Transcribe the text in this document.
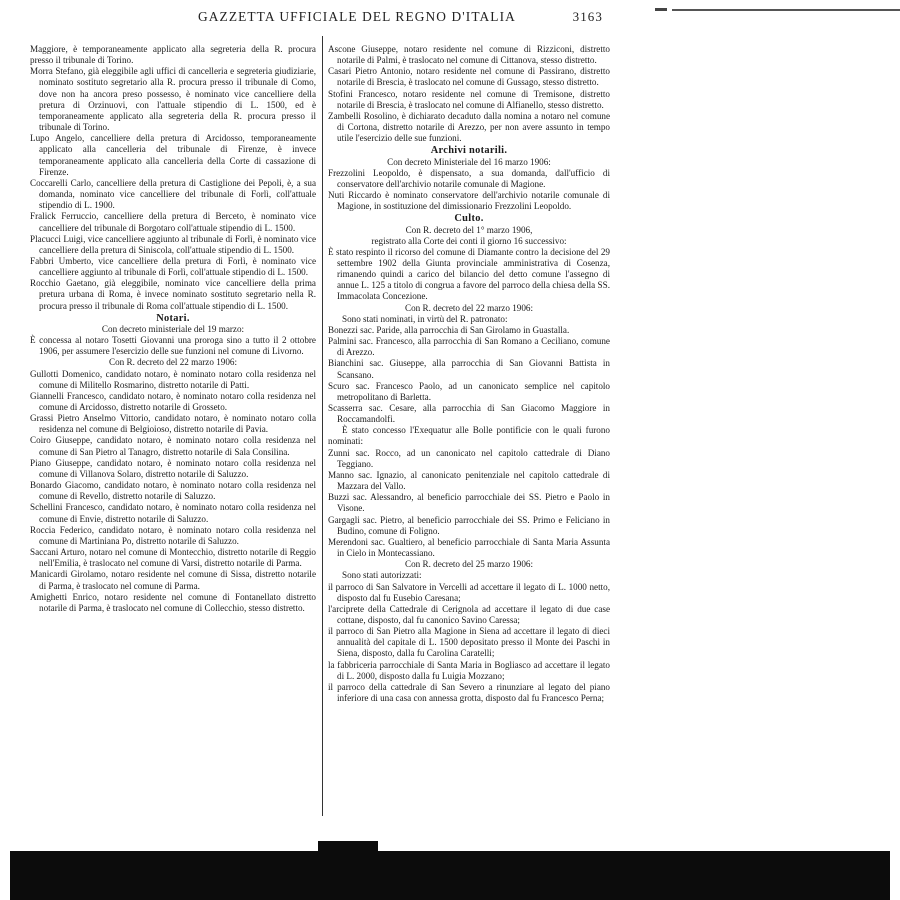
GAZZETTA UFFICIALE DEL REGNO D'ITALIA	3163

Maggiore, è temporaneamente applicato alla segreteria della R. procura presso il tribunale di Torino.

Morra Stefano, già eleggibile agli uffici di cancelleria e segreteria giudiziarie, nominato sostituto segretario alla R. procura presso il tribunale di Como, dove non ha ancora preso possesso, è nominato vice cancelliere della pretura di Orzinuovi, con l'attuale stipendio di L. 1500, ed è temporaneamente applicato alla segreteria della R. procura presso il tribunale di Torino.

Lupo Angelo, cancelliere della pretura di Arcidosso, temporaneamente applicato alla cancelleria del tribunale di Firenze, è invece temporaneamente applicato alla cancelleria della Corte di cassazione di Firenze.

Coccarelli Carlo, cancelliere della pretura di Castiglione dei Pepoli, è, a sua domanda, nominato vice cancelliere del tribunale di Forlì, coll'attuale stipendio di L. 1900.

Fralick Ferruccio, cancelliere della pretura di Berceto, è nominato vice cancelliere del tribunale di Borgotaro coll'attuale stipendio di L. 1500.

Placucci Luigi, vice cancelliere aggiunto al tribunale di Forlì, è nominato vice cancelliere della pretura di Siniscola, coll'attuale stipendio di L. 1500.

Fabbri Umberto, vice cancelliere della pretura di Forlì, è nominato vice cancelliere aggiunto al tribunale di Forlì, coll'attuale stipendio di L. 1500.

Rocchio Gaetano, già eleggibile, nominato vice cancelliere della prima pretura urbana di Roma, è invece nominato sostituto segretario nella R. procura presso il tribunale di Roma coll'attuale stipendio di L. 1500.

Notari.

Con decreto ministeriale del 19 marzo:

È concessa al notaro Tosetti Giovanni una proroga sino a tutto il 2 ottobre 1906, per assumere l'esercizio delle sue funzioni nel comune di Livorno.

Con R. decreto del 22 marzo 1906:

Gullotti Domenico, candidato notaro, è nominato notaro colla residenza nel comune di Militello Rosmarino, distretto notarile di Patti.

Giannelli Francesco, candidato notaro, è nominato notaro colla residenza nel comune di Arcidosso, distretto notarile di Grosseto.

Grassi Pietro Anselmo Vittorio, candidato notaro, è nominato notaro colla residenza nel comune di Belgioioso, distretto notarile di Pavia.

Coiro Giuseppe, candidato notaro, è nominato notaro colla residenza nel comune di San Pietro al Tanagro, distretto notarile di Sala Consilina.

Piano Giuseppe, candidato notaro, è nominato notaro colla residenza nel comune di Villanova Solaro, distretto notarile di Saluzzo.

Bonardo Giacomo, candidato notaro, è nominato notaro colla residenza nel comune di Revello, distretto notarile di Saluzzo.

Schellini Francesco, candidato notaro, è nominato notaro colla residenza nel comune di Envie, distretto notarile di Saluzzo.

Roccia Federico, candidato notaro, è nominato notaro colla residenza nel comune di Martiniana Po, distretto notarile di Saluzzo.

Saccani Arturo, notaro nel comune di Montecchio, distretto notarile di Reggio nell'Emilia, è traslocato nel comune di Varsi, distretto notarile di Parma.

Manicardi Girolamo, notaro residente nel comune di Sissa, distretto notarile di Parma, è traslocato nel comune di Parma.

Amighetti Enrico, notaro residente nel comune di Fontanellato distretto notarile di Parma, è traslocato nel comune di Collecchio, stesso distretto.

Ascone Giuseppe, notaro residente nel comune di Rizziconi, distretto notarile di Palmi, è traslocato nel comune di Cittanova, stesso distretto.

Casari Pietro Antonio, notaro residente nel comune di Passirano, distretto notarile di Brescia, è traslocato nel comune di Gussago, stesso distretto.

Stofini Francesco, notaro residente nel comune di Tremisone, distretto notarile di Brescia, è traslocato nel comune di Alfianello, stesso distretto.

Zambelli Rosolino, è dichiarato decaduto dalla nomina a notaro nel comune di Cortona, distretto notarile di Arezzo, per non avere assunto in tempo utile l'esercizio delle sue funzioni.

Archivi notarili.

Con decreto Ministeriale del 16 marzo 1906:

Frezzolini Leopoldo, è dispensato, a sua domanda, dall'ufficio di conservatore dell'archivio notarile comunale di Magione.

Nuti Riccardo è nominato conservatore dell'archivio notarile comunale di Magione, in sostituzione del dimissionario Frezzolini Leopoldo.

Culto.

Con R. decreto del 1° marzo 1906,

registrato alla Corte dei conti il giorno 16 successivo:

È stato respinto il ricorso del comune di Diamante contro la decisione del 29 settembre 1902 della Giunta provinciale amministrativa di Cosenza, rimanendo quindi a carico del bilancio del detto comune l'assegno di annue L. 125 a titolo di congrua a favore del parroco della chiesa della SS. Immacolata Concezione.

Con R. decreto del 22 marzo 1906:

Sono stati nominati, in virtù del R. patronato:

Bonezzi sac. Paride, alla parrocchia di San Girolamo in Guastalla.

Palmini sac. Francesco, alla parrocchia di San Romano a Ceciliano, comune di Arezzo.

Bianchini sac. Giuseppe, alla parrocchia di San Giovanni Battista in Scansano.

Scuro sac. Francesco Paolo, ad un canonicato semplice nel capitolo metropolitano di Barletta.

Scasserra sac. Cesare, alla parrocchia di San Giacomo Maggiore in Roccamandolfi.

È stato concesso l'Exequatur alle Bolle pontificie con le quali furono nominati:

Zunni sac. Rocco, ad un canonicato nel capitolo cattedrale di Diano Teggiano.

Manno sac. Ignazio, al canonicato penitenziale nel capitolo cattedrale di Mazzara del Vallo.

Buzzi sac. Alessandro, al beneficio parrocchiale dei SS. Pietro e Paolo in Visone.

Gargagli sac. Pietro, al beneficio parrocchiale dei SS. Primo e Feliciano in Budino, comune di Foligno.

Merendoni sac. Gualtiero, al beneficio parrocchiale di Santa Maria Assunta in Cielo in Montecassiano.

Con R. decreto del 25 marzo 1906:

Sono stati autorizzati:

il parroco di San Salvatore in Vercelli ad accettare il legato di L. 1000 netto, disposto dal fu Eusebio Caresana;

l'arciprete della Cattedrale di Cerignola ad accettare il legato di due case cottane, disposto, dal fu canonico Savino Caressa;

il parroco di San Pietro alla Magione in Siena ad accettare il legato di dieci annualità del capitale di L. 1500 depositato presso il Monte dei Paschi in Siena, disposto, dalla fu Carolina Caratelli;

la fabbriceria parrocchiale di Santa Maria in Bogliasco ad accettare il legato di L. 2000, disposto dalla fu Luigia Mozzano;

il parroco della cattedrale di San Severo a rinunziare al legato del piano inferiore di una casa con annessa grotta, disposto dal fu Francesco Perna;
